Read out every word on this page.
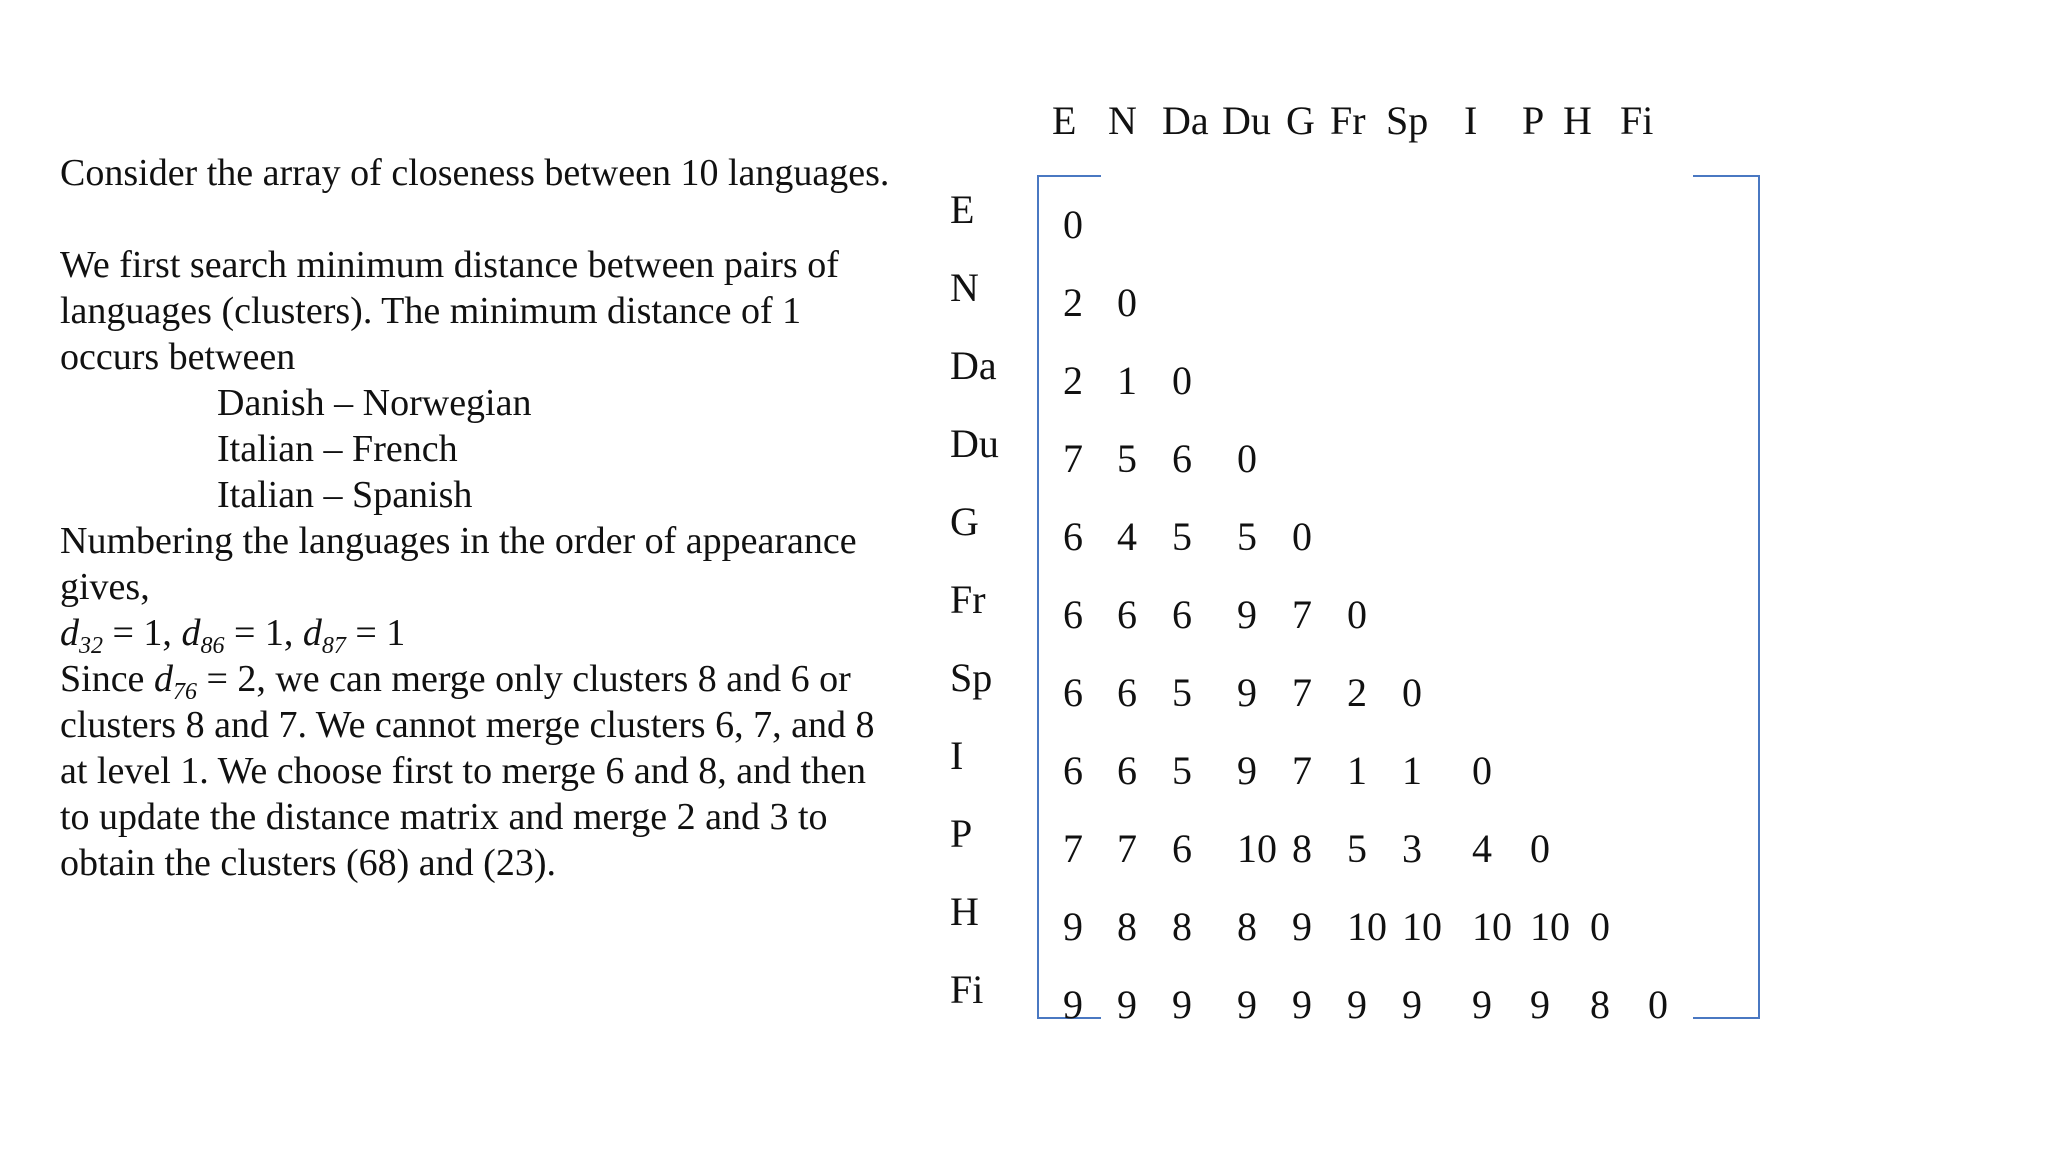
Consider the array of closeness between 10 languages.

We first search minimum distance between pairs of languages (clusters). The minimum distance of 1 occurs between

Danish – Norwegian

Italian – French

Italian – Spanish

Numbering the languages in the order of appearance gives,

$d_{32} = 1$, $d_{86} = 1$, $d_{87} = 1$

Since $d_{76} = 2$, we can merge only clusters 8 and 6 or clusters 8 and 7. We cannot merge clusters 6, 7, and 8 at level 1. We choose first to merge 6 and 8, and then to update the distance matrix and merge 2 and 3 to obtain the clusters (68) and (23).

E N Da Du G Fr Sp I P H Fi
E
N
Da
Du
G
Fr
Sp
I
P
H
Fi
0
2 0
2 1 0
7 5 6 0
6 4 5 5 0
6 6 6 9 7 0
6 6 5 9 7 2 0
6 6 5 9 7 1 1 0
7 7 6 10 8 5 3 4 0
9 8 8 8 9 10 10 10 10 0
9 9 9 9 9 9 9 9 9 8 0
